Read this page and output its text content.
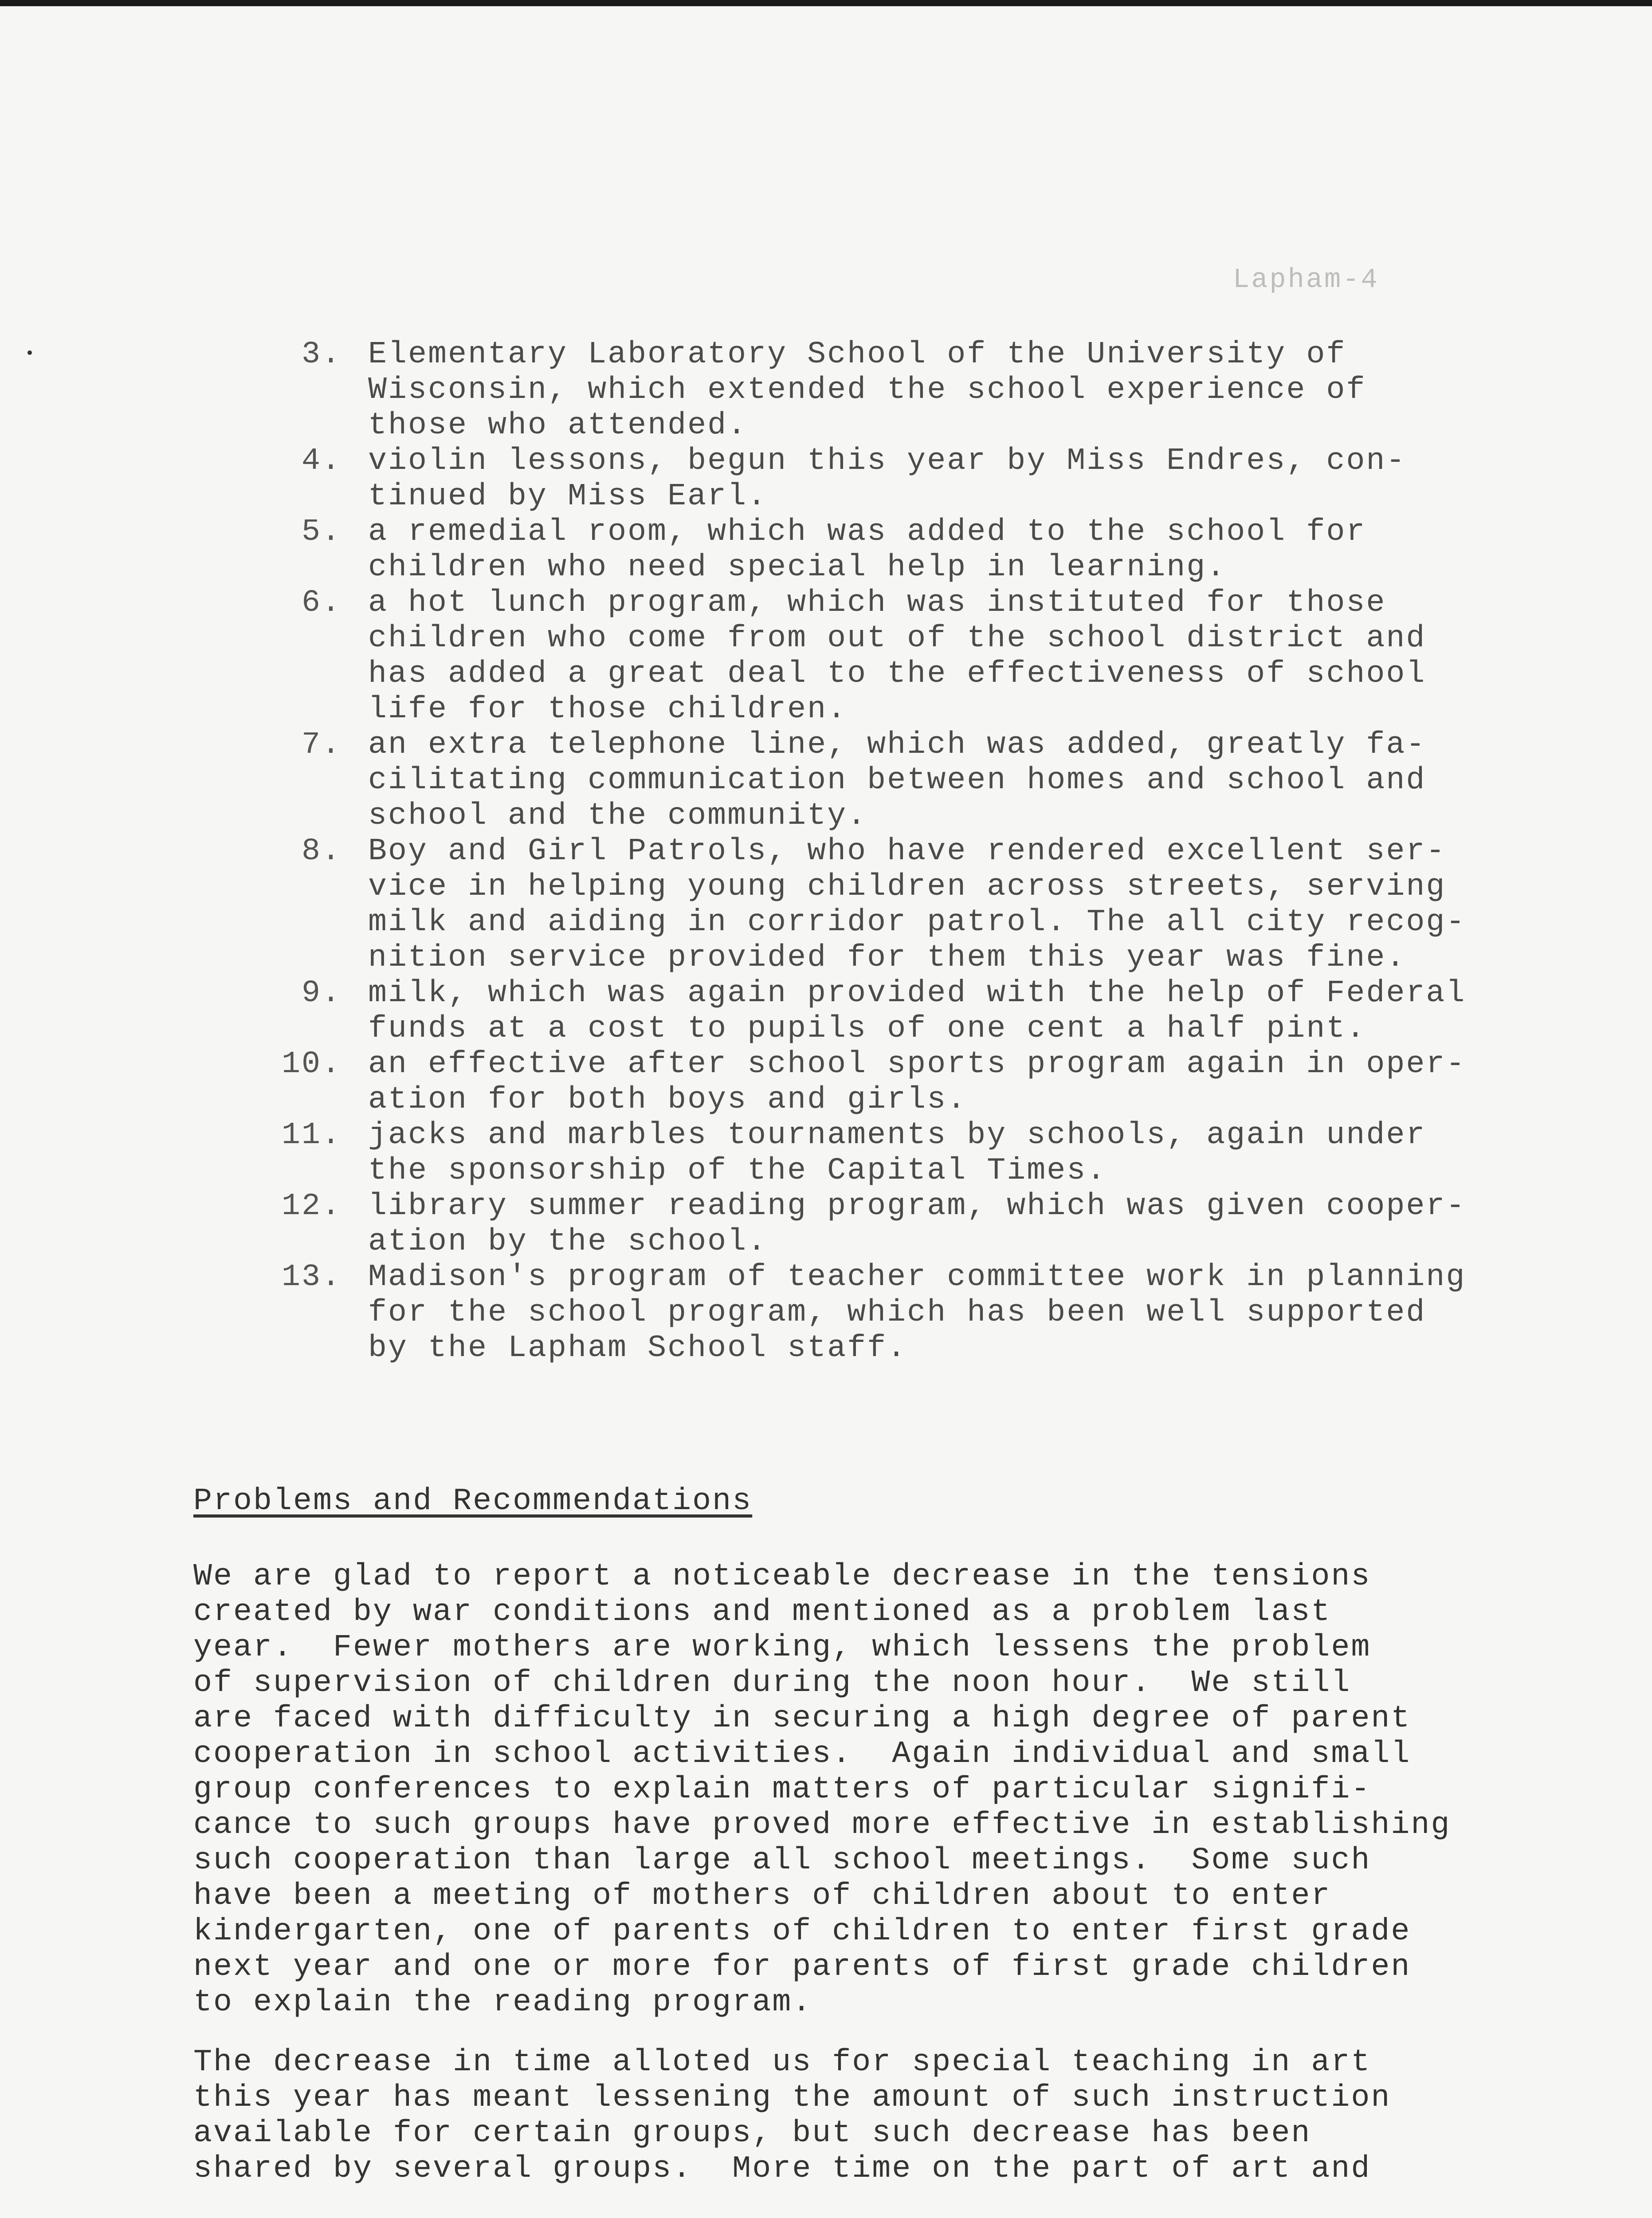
Lapham-4
3. Elementary Laboratory School of the University of
Wisconsin, which extended the school experience of
those who attended.
4. violin lessons, begun this year by Miss Endres, con-
tinued by Miss Earl.
5. a remedial room, which was added to the school for
children who need special help in learning.
6. a hot lunch program, which was instituted for those
children who come from out of the school district and
has added a great deal to the effectiveness of school
life for those children.
7. an extra telephone line, which was added, greatly fa-
cilitating communication between homes and school and
school and the community.
8. Boy and Girl Patrols, who have rendered excellent ser-
vice in helping young children across streets, serving
milk and aiding in corridor patrol. The all city recog-
nition service provided for them this year was fine.
9. milk, which was again provided with the help of Federal
funds at a cost to pupils of one cent a half pint.
10. an effective after school sports program again in oper-
ation for both boys and girls.
11. jacks and marbles tournaments by schools, again under
the sponsorship of the Capital Times.
12. library summer reading program, which was given cooper-
ation by the school.
13. Madison's program of teacher committee work in planning
for the school program, which has been well supported
by the Lapham School staff.
Problems and Recommendations

We are glad to report a noticeable decrease in the tensions
created by war conditions and mentioned as a problem last
year.  Fewer mothers are working, which lessens the problem
of supervision of children during the noon hour.  We still
are faced with difficulty in securing a high degree of parent
cooperation in school activities.  Again individual and small
group conferences to explain matters of particular signifi-
cance to such groups have proved more effective in establishing
such cooperation than large all school meetings.  Some such
have been a meeting of mothers of children about to enter
kindergarten, one of parents of children to enter first grade
next year and one or more for parents of first grade children
to explain the reading program.

The decrease in time alloted us for special teaching in art
this year has meant lessening the amount of such instruction
available for certain groups, but such decrease has been
shared by several groups.  More time on the part of art and
